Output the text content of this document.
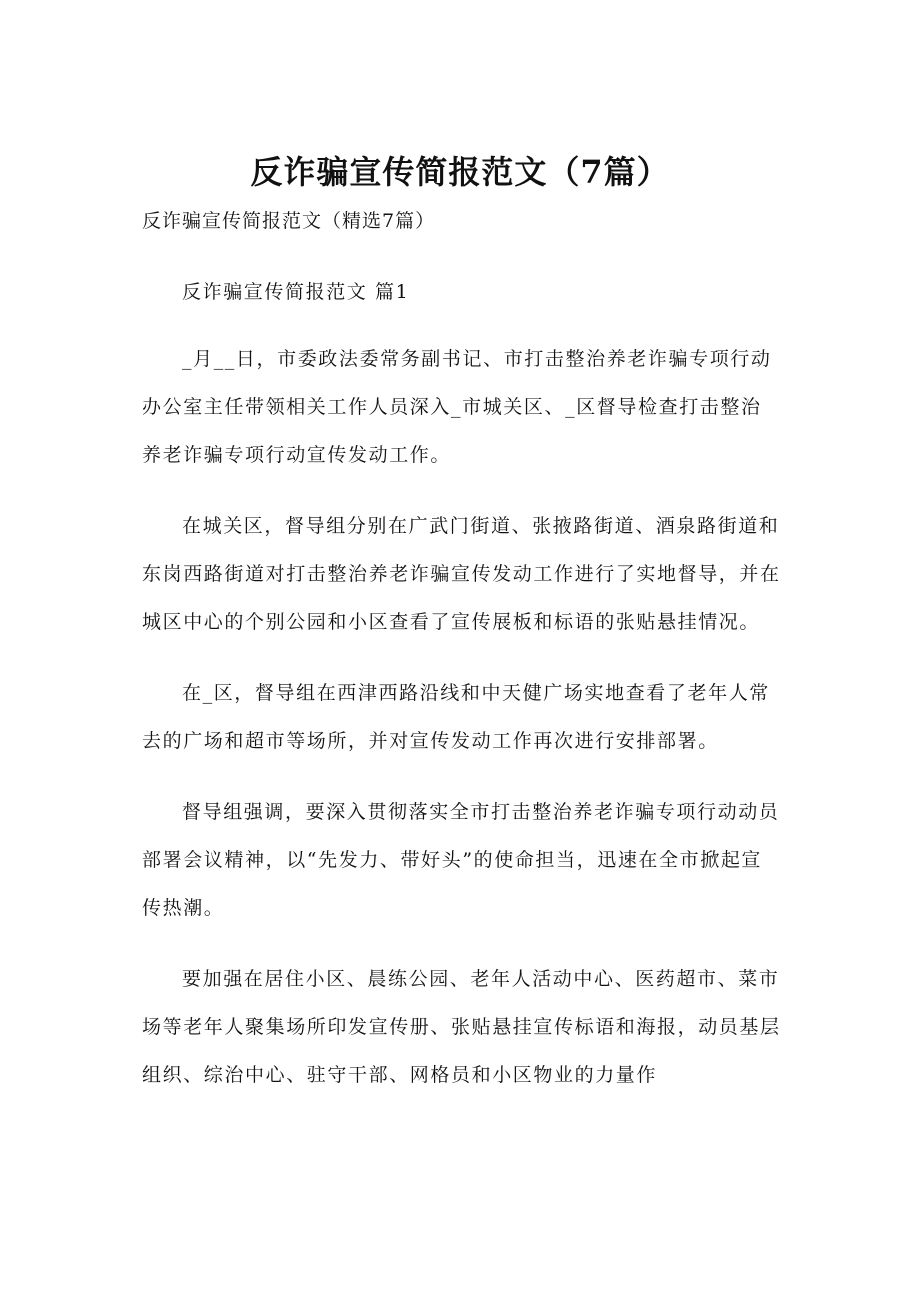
反诈骗宣传简报范文（7篇）
反诈骗宣传简报范文（精选7篇）

反诈骗宣传简报范文 篇1

_月__日，市委政法委常务副书记、市打击整治养老诈骗专项行动办公室主任带领相关工作人员深入_市城关区、_区督导检查打击整治养老诈骗专项行动宣传发动工作。

在城关区，督导组分别在广武门街道、张掖路街道、酒泉路街道和东岗西路街道对打击整治养老诈骗宣传发动工作进行了实地督导，并在城区中心的个别公园和小区查看了宣传展板和标语的张贴悬挂情况。

在_区，督导组在西津西路沿线和中天健广场实地查看了老年人常去的广场和超市等场所，并对宣传发动工作再次进行安排部署。

督导组强调，要深入贯彻落实全市打击整治养老诈骗专项行动动员部署会议精神，以“先发力、带好头”的使命担当，迅速在全市掀起宣传热潮。

要加强在居住小区、晨练公园、老年人活动中心、医药超市、菜市场等老年人聚集场所印发宣传册、张贴悬挂宣传标语和海报，动员基层组织、综治中心、驻守干部、网格员和小区物业的力量作
